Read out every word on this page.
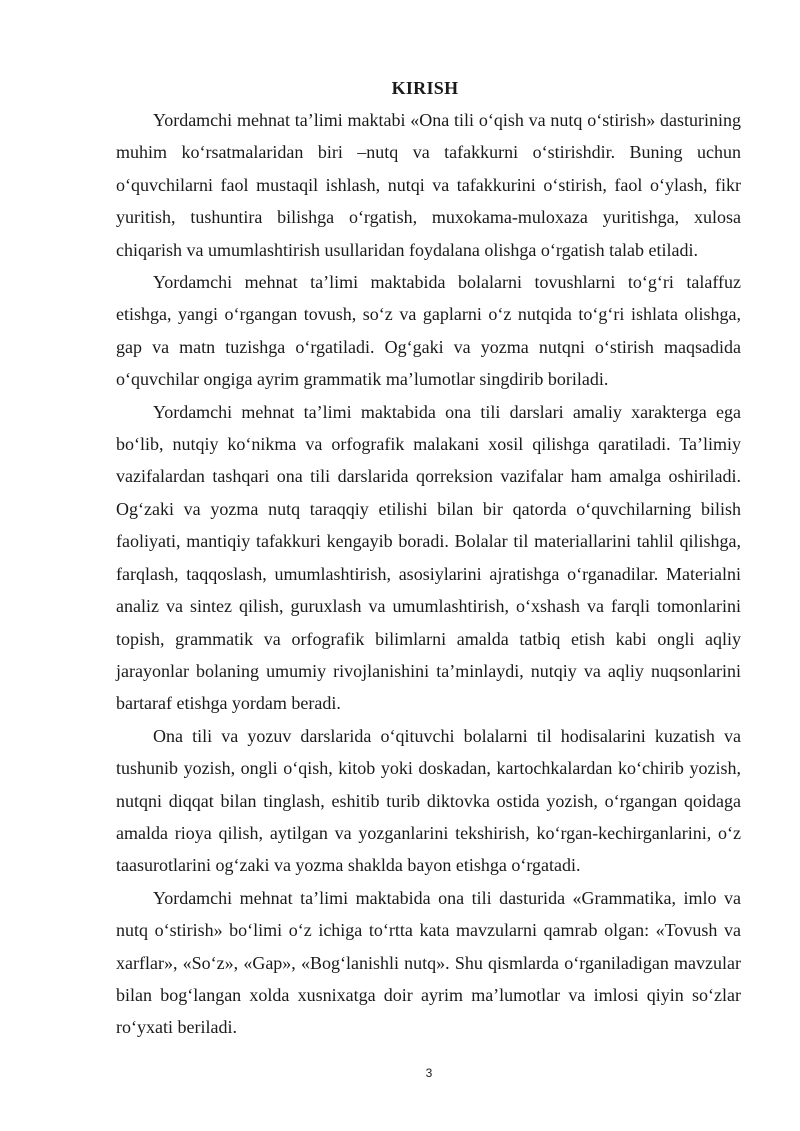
KIRISH

Yordamchi mehnat ta’limi maktabi «Ona tili o‘qish va nutq o‘stirish» dasturining muhim ko‘rsatmalaridan biri –nutq va tafakkurni o‘stirishdir. Buning uchun o‘quvchilarni faol mustaqil ishlash, nutqi va tafakkurini o‘stirish, faol o‘ylash, fikr yuritish, tushuntira bilishga o‘rgatish, muxokama-muloxaza yuritishga, xulosa chiqarish va umumlashtirish usullaridan foydalana olishga o‘rgatish talab etiladi.

Yordamchi mehnat ta’limi maktabida bolalarni tovushlarni to‘g‘ri talaffuz etishga, yangi o‘rgangan tovush, so‘z va gaplarni o‘z nutqida to‘g‘ri ishlata olishga, gap va matn tuzishga o‘rgatiladi. Og‘gaki va yozma nutqni o‘stirish maqsadida o‘quvchilar ongiga ayrim grammatik ma’lumotlar singdirib boriladi.

Yordamchi mehnat ta’limi maktabida ona tili darslari amaliy xarakterga ega bo‘lib, nutqiy ko‘nikma va orfografik malakani xosil qilishga qaratiladi. Ta’limiy vazifalardan tashqari ona tili darslarida qorreksion vazifalar ham amalga oshiriladi. Og‘zaki va yozma nutq taraqqiy etilishi bilan bir qatorda o‘quvchilarning bilish faoliyati, mantiqiy tafakkuri kengayib boradi. Bolalar til materiallarini tahlil qilishga, farqlash, taqqoslash, umumlashtirish, asosiylarini ajratishga o‘rganadilar. Materialni analiz va sintez qilish, guruxlash va umumlashtirish, o‘xshash va farqli tomonlarini topish, grammatik va orfografik bilimlarni amalda tatbiq etish kabi ongli aqliy jarayonlar bolaning umumiy rivojlanishini ta’minlaydi, nutqiy va aqliy nuqsonlarini bartaraf etishga yordam beradi.

Ona tili va yozuv darslarida o‘qituvchi bolalarni til hodisalarini kuzatish va tushunib yozish, ongli o‘qish, kitob yoki doskadan, kartochkalardan ko‘chirib yozish, nutqni diqqat bilan tinglash, eshitib turib diktovka ostida yozish, o‘rgangan qoidaga amalda rioya qilish, aytilgan va yozganlarini tekshirish, ko‘rgan-kechirganlarini, o‘z taasurotlarini og‘zaki va yozma shaklda bayon etishga o‘rgatadi.

Yordamchi mehnat ta’limi maktabida ona tili dasturida «Grammatika, imlo va nutq o‘stirish» bo‘limi o‘z ichiga to‘rtta kata mavzularni qamrab olgan: «Tovush va xarflar», «So‘z», «Gap», «Bog‘lanishli nutq». Shu qismlarda o‘rganiladigan mavzular bilan bog‘langan xolda xusnixatga doir ayrim ma’lumotlar va imlosi qiyin so‘zlar ro‘yxati beriladi.

3
